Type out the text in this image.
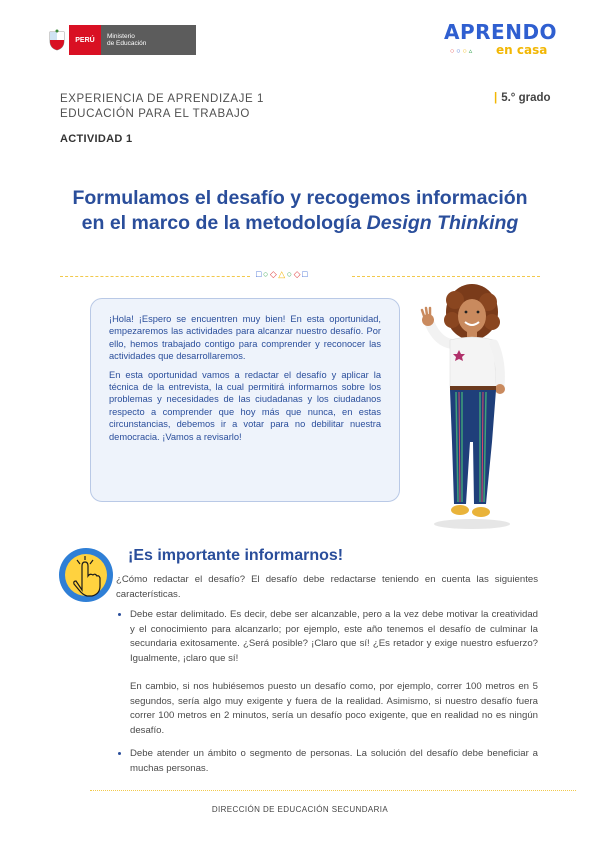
PERÚ	Ministerio
de Educación	APRENDO
○○○▵ en casa
EXPERIENCIA DE APRENDIZAJE 1
EDUCACIÓN PARA EL TRABAJO
| 5.° grado
ACTIVIDAD 1
Formulamos el desafío y recogemos información
en el marco de la metodología Design Thinking
□○◇△○◇□

¡Hola! ¡Espero se encuentren muy bien! En esta oportunidad, empezaremos las actividades para alcanzar nuestro desafío. Por ello, hemos trabajado contigo para comprender y reconocer las actividades que desarrollaremos.

En esta oportunidad vamos a redactar el desafío y aplicar la técnica de la entrevista, la cual permitirá informarnos sobre los problemas y necesidades de las ciudadanas y los ciudadanos respecto a comprender que hoy más que nunca, en estas circunstancias, debemos ir a votar para no debilitar nuestra democracia. ¡Vamos a revisarlo!

¡Es importante informarnos!

¿Cómo redactar el desafío? El desafío debe redactarse teniendo en cuenta las siguientes características.

• Debe estar delimitado. Es decir, debe ser alcanzable, pero a la vez debe motivar la creatividad y el conocimiento para alcanzarlo; por ejemplo, este año tenemos el desafío de culminar la secundaria exitosamente. ¿Será posible? ¡Claro que sí! ¿Es retador y exige nuestro esfuerzo? Igualmente, ¡claro que sí!

En cambio, si nos hubiésemos puesto un desafío como, por ejemplo, correr 100 metros en 5 segundos, sería algo muy exigente y fuera de la realidad. Asimismo, si nuestro desafío fuera correr 100 metros en 2 minutos, sería un desafío poco exigente, que en realidad no es ningún desafío.

• Debe atender un ámbito o segmento de personas. La solución del desafío debe beneficiar a muchas personas.

DIRECCIÓN DE EDUCACIÓN SECUNDARIA
